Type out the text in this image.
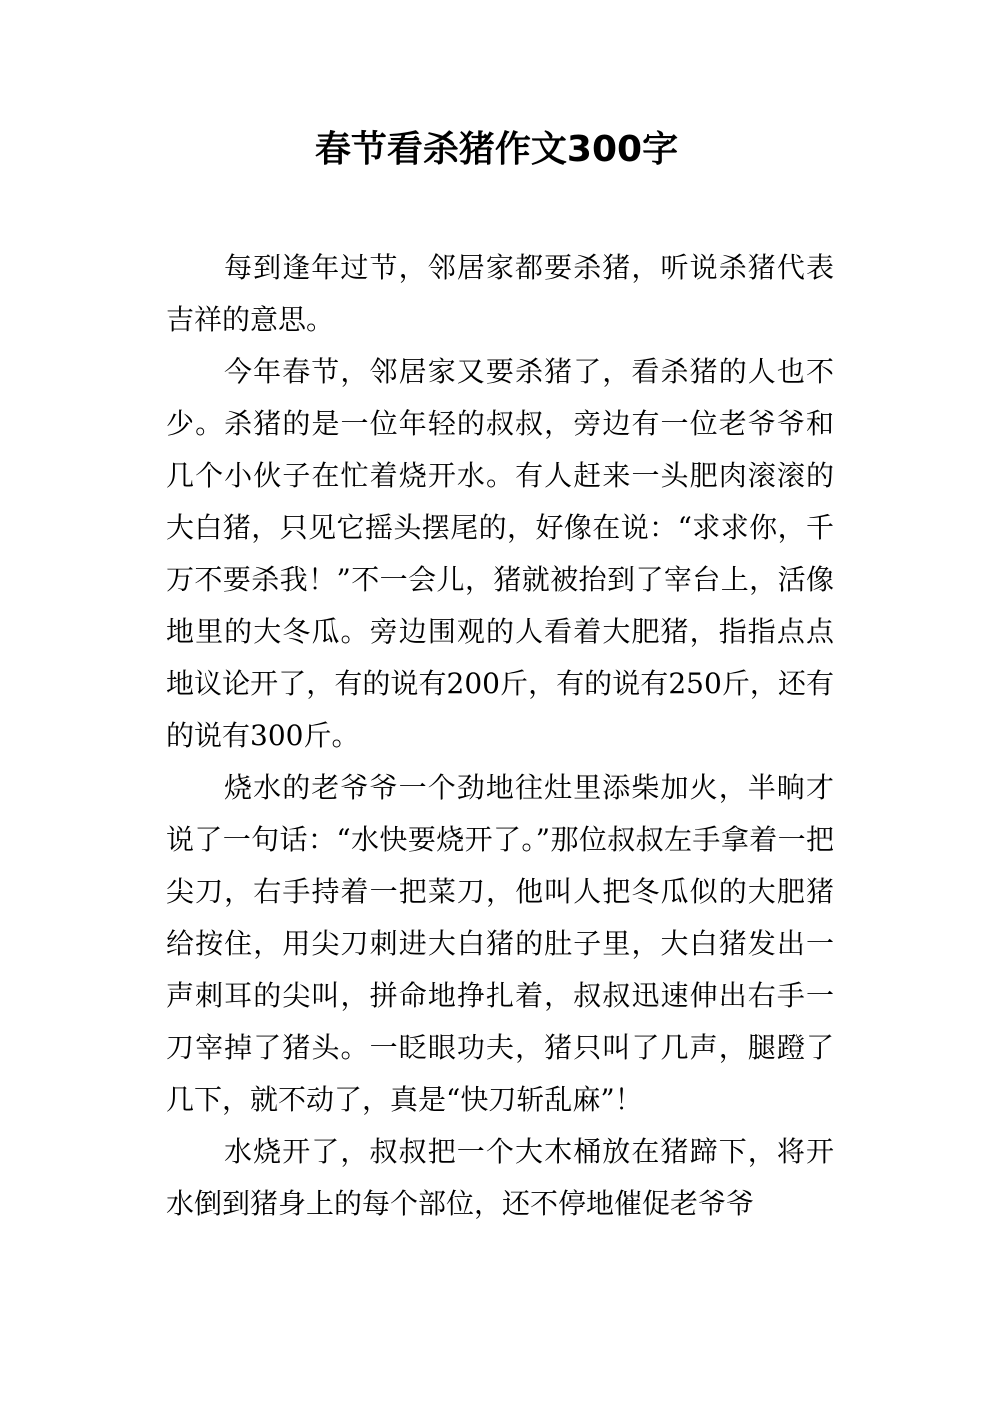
春节看杀猪作文300字

每到逢年过节，邻居家都要杀猪，听说杀猪代表吉祥的意思。

今年春节，邻居家又要杀猪了，看杀猪的人也不少。杀猪的是一位年轻的叔叔，旁边有一位老爷爷和几个小伙子在忙着烧开水。有人赶来一头肥肉滚滚的大白猪，只见它摇头摆尾的，好像在说：“求求你，千万不要杀我！”不一会儿，猪就被抬到了宰台上，活像地里的大冬瓜。旁边围观的人看着大肥猪，指指点点地议论开了，有的说有200斤，有的说有250斤，还有的说有300斤。

烧水的老爷爷一个劲地往灶里添柴加火，半晌才说了一句话：“水快要烧开了。”那位叔叔左手拿着一把尖刀，右手持着一把菜刀，他叫人把冬瓜似的大肥猪给按住，用尖刀刺进大白猪的肚子里，大白猪发出一声刺耳的尖叫，拼命地挣扎着，叔叔迅速伸出右手一刀宰掉了猪头。一眨眼功夫，猪只叫了几声，腿蹬了几下，就不动了，真是“快刀斩乱麻”！

水烧开了，叔叔把一个大木桶放在猪蹄下，将开水倒到猪身上的每个部位，还不停地催促老爷爷
